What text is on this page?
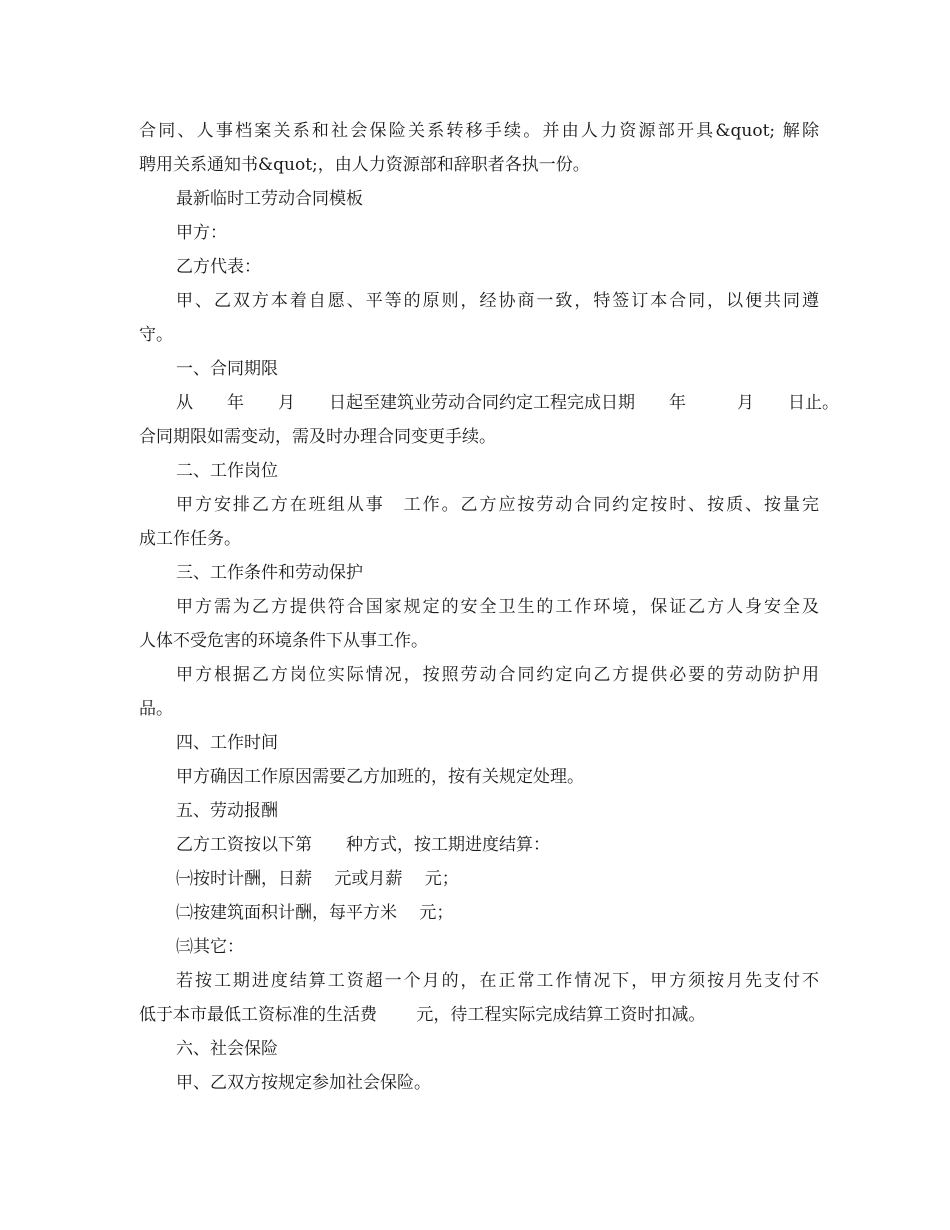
合同、人事档案关系和社会保险关系转移手续。并由人力资源部开具&quot; 解除

聘用关系通知书&quot;，由人力资源部和辞职者各执一份。

最新临时工劳动合同模板

甲方：

乙方代表：

甲、乙双方本着自愿、平等的原则，经协商一致，特签订本合同，以便共同遵

守。

一、合同期限

从　　年　　月　　日起至建筑业劳动合同约定工程完成日期　　年　　　月　　日止。

合同期限如需变动，需及时办理合同变更手续。

二、工作岗位

甲方安排乙方在班组从事　工作。乙方应按劳动合同约定按时、按质、按量完

成工作任务。

三、工作条件和劳动保护

甲方需为乙方提供符合国家规定的安全卫生的工作环境，保证乙方人身安全及

人体不受危害的环境条件下从事工作。

甲方根据乙方岗位实际情况，按照劳动合同约定向乙方提供必要的劳动防护用

品。

四、工作时间

甲方确因工作原因需要乙方加班的，按有关规定处理。

五、劳动报酬

乙方工资按以下第　　种方式，按工期进度结算：

㈠按时计酬，日薪　 元或月薪　 元；

㈡按建筑面积计酬，每平方米　 元；

㈢其它：

若按工期进度结算工资超一个月的，在正常工作情况下，甲方须按月先支付不

低于本市最低工资标准的生活费　　 元，待工程实际完成结算工资时扣减。

六、社会保险

甲、乙双方按规定参加社会保险。
